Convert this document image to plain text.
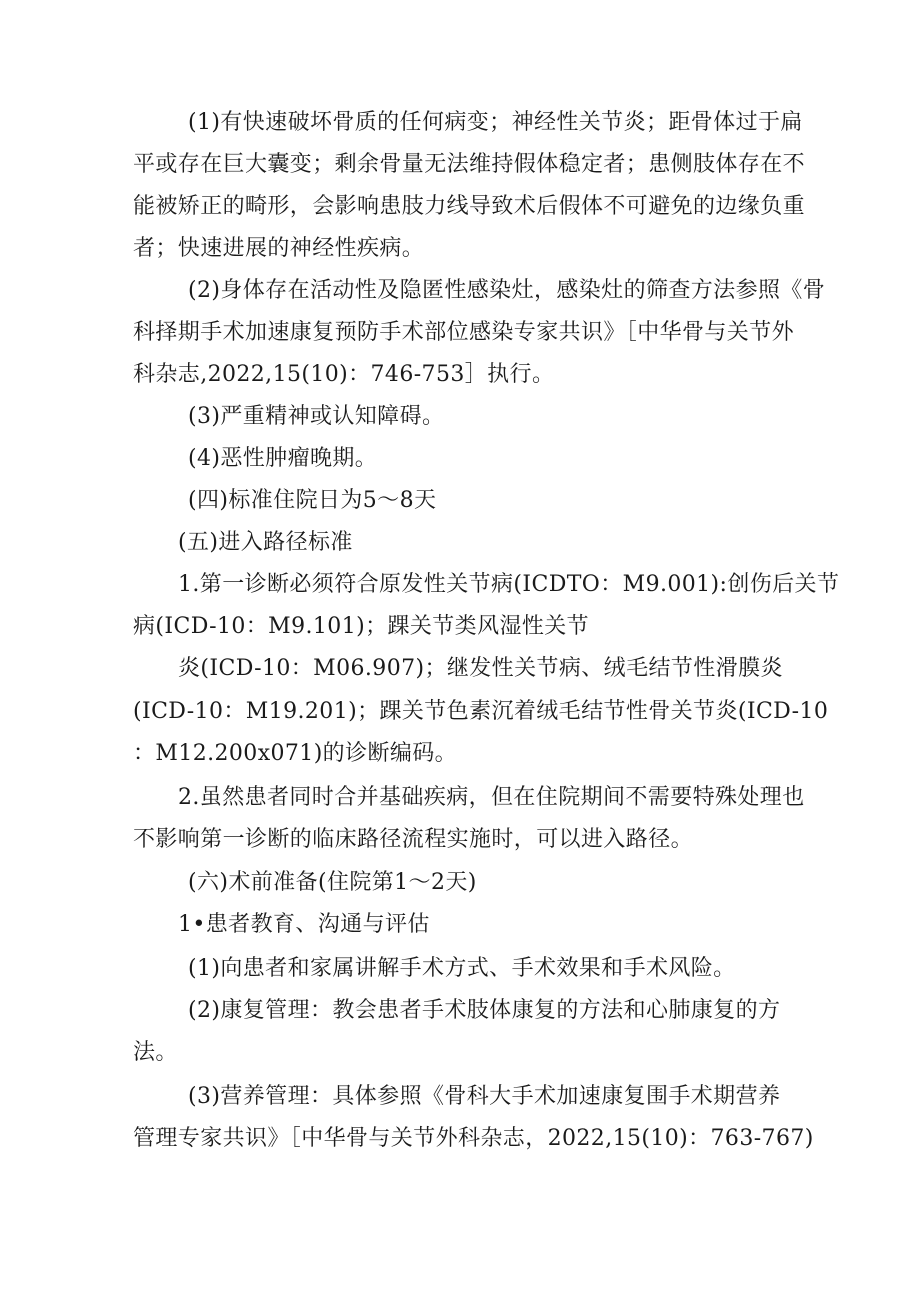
(1)有快速破坏骨质的任何病变；神经性关节炎；距骨体过于扁
平或存在巨大囊变；剩余骨量无法维持假体稳定者；患侧肢体存在不
能被矫正的畸形，会影响患肢力线导致术后假体不可避免的边缘负重
者；快速进展的神经性疾病。
(2)身体存在活动性及隐匿性感染灶，感染灶的筛查方法参照《骨
科择期手术加速康复预防手术部位感染专家共识》［中华骨与关节外
科杂志,2022,15(10)：746-753］执行。
(3)严重精神或认知障碍。
(4)恶性肿瘤晚期。
(四)标准住院日为5～8天
(五)进入路径标准
1.第一诊断必须符合原发性关节病(ICDTO：M9.001):创伤后关节
病(ICD-10：M9.101)；踝关节类风湿性关节
炎(ICD-10：M06.907)；继发性关节病、绒毛结节性滑膜炎
(ICD-10：M19.201)；踝关节色素沉着绒毛结节性骨关节炎(ICD-10
：M12.200x071)的诊断编码。
2.虽然患者同时合并基础疾病，但在住院期间不需要特殊处理也
不影响第一诊断的临床路径流程实施时，可以进入路径。
(六)术前准备(住院第1～2天)
1•患者教育、沟通与评估
(1)向患者和家属讲解手术方式、手术效果和手术风险。
(2)康复管理：教会患者手术肢体康复的方法和心肺康复的方
法。
(3)营养管理：具体参照《骨科大手术加速康复围手术期营养
管理专家共识》［中华骨与关节外科杂志，2022,15(10)：763-767)
